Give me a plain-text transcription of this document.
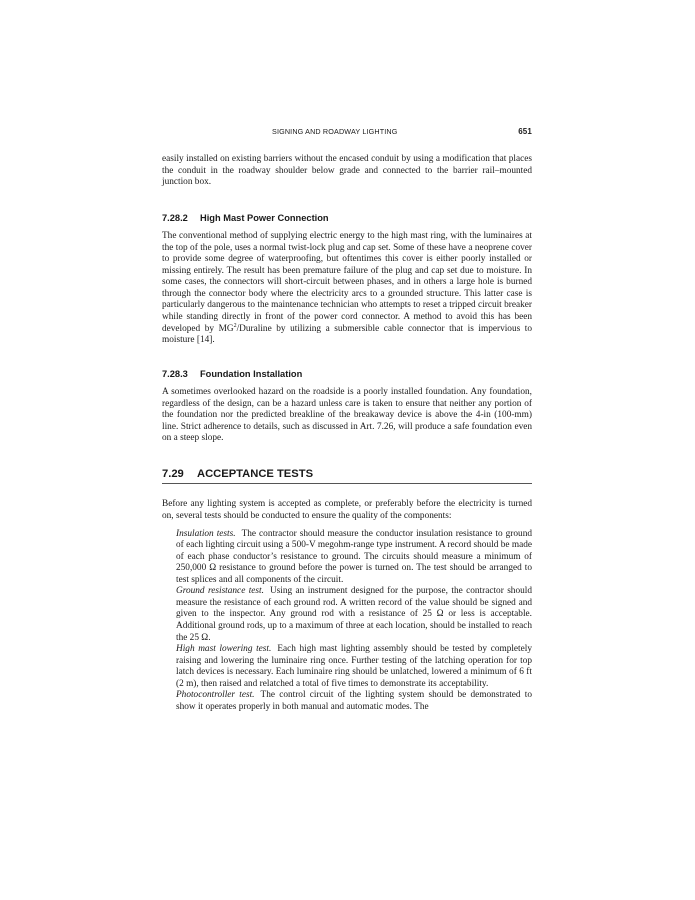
SIGNING AND ROADWAY LIGHTING	651

easily installed on existing barriers without the encased conduit by using a modification that places the conduit in the roadway shoulder below grade and connected to the barrier rail–mounted junction box.

7.28.2 High Mast Power Connection

The conventional method of supplying electric energy to the high mast ring, with the luminaires at the top of the pole, uses a normal twist-lock plug and cap set. Some of these have a neoprene cover to provide some degree of waterproofing, but oftentimes this cover is either poorly installed or missing entirely. The result has been premature failure of the plug and cap set due to moisture. In some cases, the connectors will short-circuit between phases, and in others a large hole is burned through the connector body where the electricity arcs to a grounded structure. This latter case is particularly dangerous to the maintenance technician who attempts to reset a tripped circuit breaker while standing directly in front of the power cord connector. A method to avoid this has been developed by $MG^2$/Duraline by utilizing a submersible cable connector that is impervious to moisture [14].

7.28.3 Foundation Installation

A sometimes overlooked hazard on the roadside is a poorly installed foundation. Any foundation, regardless of the design, can be a hazard unless care is taken to ensure that neither any portion of the foundation nor the predicted breakline of the breakaway device is above the 4-in (100-mm) line. Strict adherence to details, such as discussed in Art. 7.26, will produce a safe foundation even on a steep slope.

7.29 ACCEPTANCE TESTS

Before any lighting system is accepted as complete, or preferably before the electricity is turned on, several tests should be conducted to ensure the quality of the components:

Insulation tests. The contractor should measure the conductor insulation resistance to ground of each lighting circuit using a 500-V megohm-range type instrument. A record should be made of each phase conductor’s resistance to ground. The circuits should measure a minimum of 250,000 Ω resistance to ground before the power is turned on. The test should be arranged to test splices and all components of the circuit.

Ground resistance test. Using an instrument designed for the purpose, the contractor should measure the resistance of each ground rod. A written record of the value should be signed and given to the inspector. Any ground rod with a resistance of 25 Ω or less is acceptable. Additional ground rods, up to a maximum of three at each location, should be installed to reach the 25 Ω.

High mast lowering test. Each high mast lighting assembly should be tested by completely raising and lowering the luminaire ring once. Further testing of the latching operation for top latch devices is necessary. Each luminaire ring should be unlatched, lowered a minimum of 6 ft (2 m), then raised and relatched a total of five times to demonstrate its acceptability.

Photocontroller test. The control circuit of the lighting system should be demonstrated to show it operates properly in both manual and automatic modes. The
